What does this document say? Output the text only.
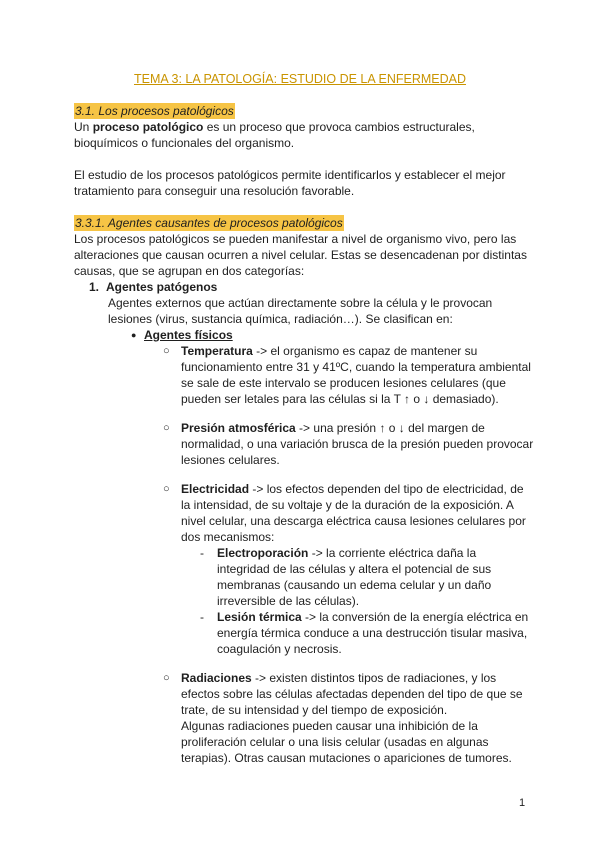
TEMA 3: LA PATOLOGÍA: ESTUDIO DE LA ENFERMEDAD
3.1. Los procesos patológicos

Un proceso patológico es un proceso que provoca cambios estructurales, bioquímicos o funcionales del organismo.

El estudio de los procesos patológicos permite identificarlos y establecer el mejor tratamiento para conseguir una resolución favorable.

3.3.1. Agentes causantes de procesos patológicos

Los procesos patológicos se pueden manifestar a nivel de organismo vivo, pero las alteraciones que causan ocurren a nivel celular. Estas se desencadenan por distintas causas, que se agrupan en dos categorías:

1. Agentes patógenos

Agentes externos que actúan directamente sobre la célula y le provocan lesiones (virus, sustancia química, radiación…). Se clasifican en:

● Agentes físicos
○ Temperatura -> el organismo es capaz de mantener su funcionamiento entre 31 y 41ºC, cuando la temperatura ambiental se sale de este intervalo se producen lesiones celulares (que pueden ser letales para las células si la T ↑ o ↓ demasiado).
○ Presión atmosférica -> una presión ↑ o ↓ del margen de normalidad, o una variación brusca de la presión pueden provocar lesiones celulares.
○ Electricidad -> los efectos dependen del tipo de electricidad, de la intensidad, de su voltaje y de la duración de la exposición. A nivel celular, una descarga eléctrica causa lesiones celulares por dos mecanismos:
- Electroporación -> la corriente eléctrica daña la integridad de las células y altera el potencial de sus membranas (causando un edema celular y un daño irreversible de las células).
- Lesión térmica -> la conversión de la energía eléctrica en energía térmica conduce a una destrucción tisular masiva, coagulación y necrosis.
○ Radiaciones -> existen distintos tipos de radiaciones, y los efectos sobre las células afectadas dependen del tipo de que se trate, de su intensidad y del tiempo de exposición.
Algunas radiaciones pueden causar una inhibición de la proliferación celular o una lisis celular (usadas en algunas terapias). Otras causan mutaciones o apariciones de tumores.
1
